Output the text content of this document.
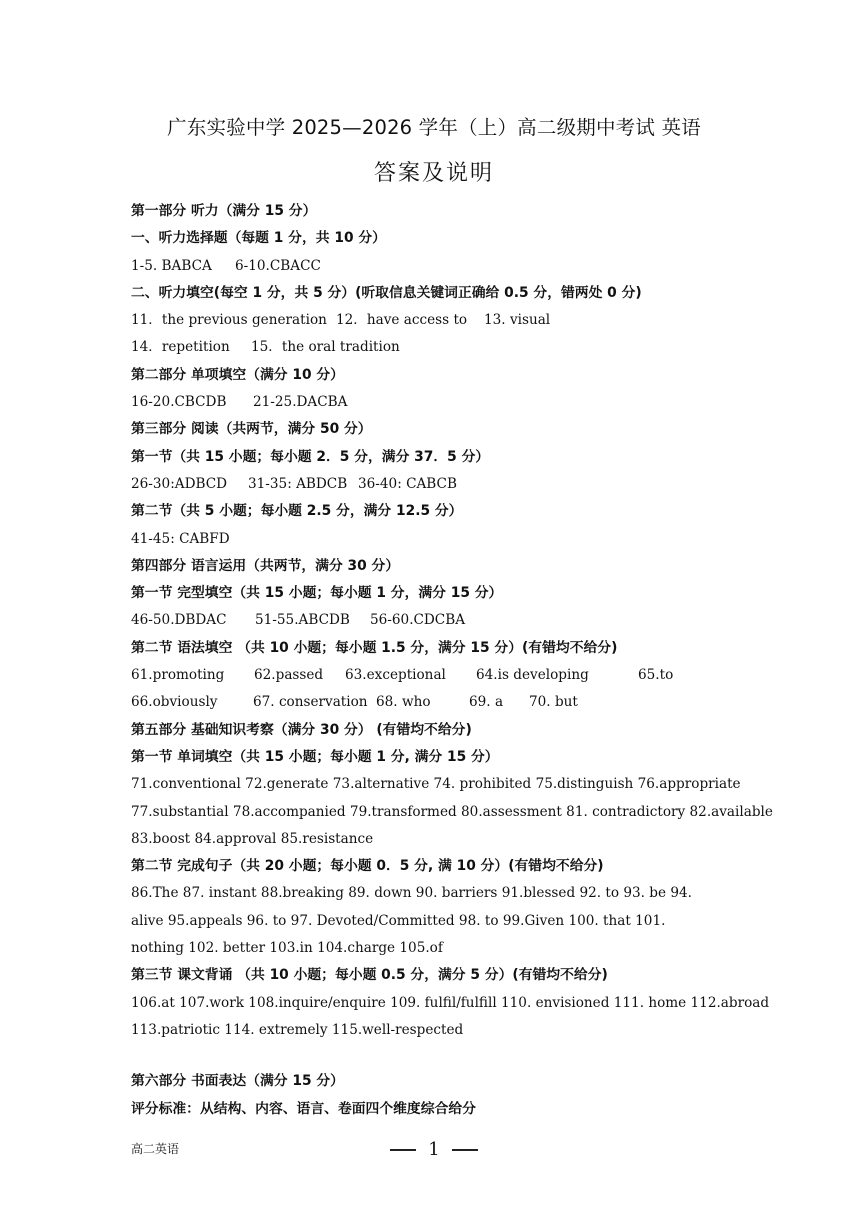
广东实验中学 2025—2026 学年（上）高二级期中考试 英语
答案及说明
第一部分 听力（满分 15 分）
一、听力选择题（每题 1 分，共 10 分）
1-5. BABCA 6-10.CBACC
二、听力填空(每空 1 分，共 5 分）(听取信息关键词正确给 0.5 分，错两处 0 分)
11．the previous generation 12．have access to 13. visual
14．repetition 15．the oral tradition
第二部分 单项填空（满分 10 分）
16-20.CBCDB 21-25.DACBA
第三部分 阅读（共两节，满分 50 分）
第一节（共 15 小题；每小题 2．5 分，满分 37．5 分）
26-30:ADBCD 31-35: ABDCB 36-40: CABCB
第二节（共 5 小题；每小题 2.5 分，满分 12.5 分）
41-45: CABFD
第四部分 语言运用（共两节，满分 30 分）
第一节 完型填空（共 15 小题；每小题 1 分，满分 15 分）
46-50.DBDAC 51-55.ABCDB 56-60.CDCBA
第二节 语法填空 （共 10 小题；每小题 1.5 分，满分 15 分）(有错均不给分)
61.promoting 62.passed 63.exceptional 64.is developing	65.to
66.obviously	67. conservation 68. who	69. a 70. but
第五部分 基础知识考察（满分 30 分） (有错均不给分)
第一节 单词填空（共 15 小题；每小题 1 分, 满分 15 分）
71.conventional 72.generate 73.alternative 74. prohibited 75.distinguish 76.appropriate
77.substantial 78.accompanied 79.transformed 80.assessment 81. contradictory 82.available
83.boost 84.approval 85.resistance
第二节 完成句子（共 20 小题；每小题 0．5 分, 满 10 分）(有错均不给分)
86.The 87. instant 88.breaking 89. down 90. barriers 91.blessed 92. to 93. be 94.
alive 95.appeals 96. to 97. Devoted/Committed 98. to 99.Given 100. that 101.
nothing 102. better 103.in 104.charge 105.of
第三节 课文背诵 （共 10 小题；每小题 0.5 分，满分 5 分）(有错均不给分)
106.at 107.work 108.inquire/enquire 109. fulfil/fulfill 110. envisioned 111. home 112.abroad
113.patriotic 114. extremely 115.well-respected
第六部分 书面表达（满分 15 分）
评分标准：从结构、内容、语言、卷面四个维度综合给分
高二英语	1
